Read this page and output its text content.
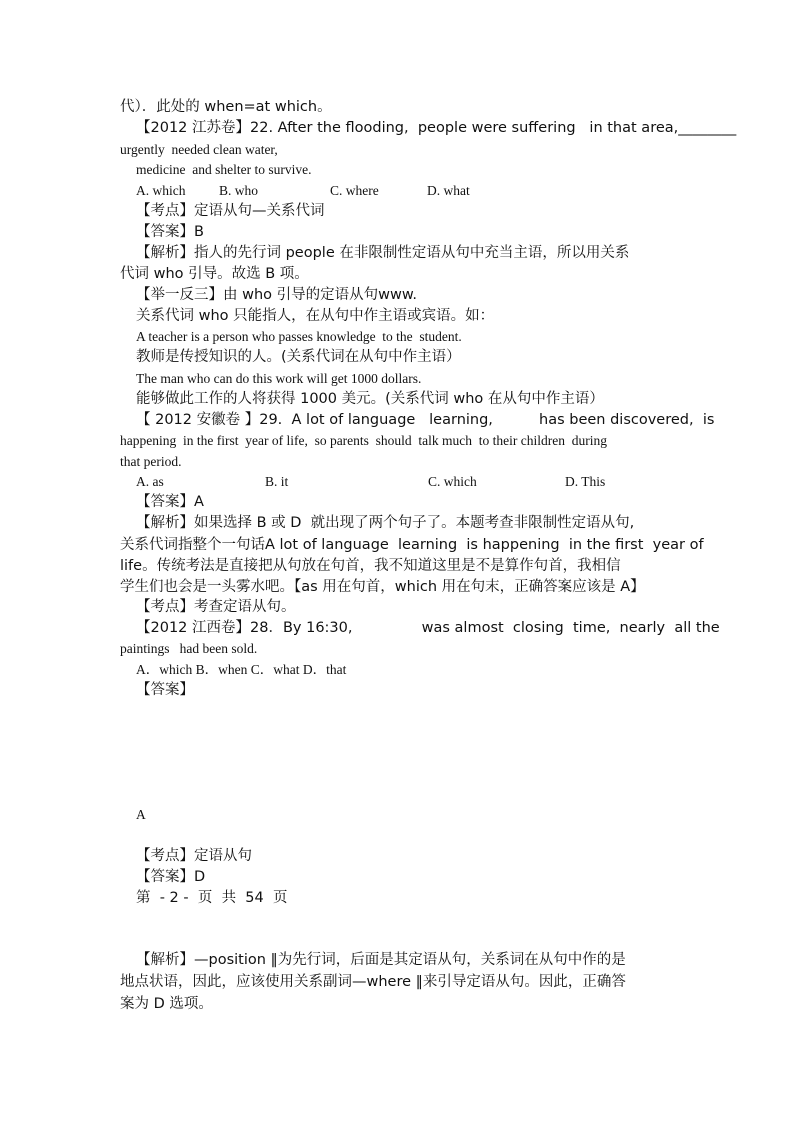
代）．此处的 when=at which。
【2012 江苏卷】22. After the flooding,  people were suffering   in that area,________
urgently  needed clean water,
medicine  and shelter to survive.
A. which B. who	C. where	D. what
【考点】定语从句—关系代词
【答案】B
【解析】指人的先行词 people 在非限制性定语从句中充当主语，所以用关系
代词 who 引导。故选 B 项。
【举一反三】由 who 引导的定语从句www.
关系代词 who 只能指人，在从句中作主语或宾语。如：
A teacher is a person who passes knowledge  to the  student.
教师是传授知识的人。(关系代词在从句中作主语）
The man who can do this work will get 1000 dollars.
能够做此工作的人将获得 1000 美元。(关系代词 who 在从句中作主语）
【 2012 安徽卷 】29.  A lot of language   learning,          has been discovered,  is
happening  in the first  year of life,  so parents  should  talk much  to their children  during
that period.
A. as	B. it	C. which	D. This
【答案】A
【解析】如果选择 B 或 D  就出现了两个句子了。本题考查非限制性定语从句,
关系代词指整个一句话A lot of language  learning  is happening  in the first  year of
life。传统考法是直接把从句放在句首，我不知道这里是不是算作句首，我相信
学生们也会是一头雾水吧。【as 用在句首，which 用在句末，正确答案应该是 A】
【考点】考查定语从句。
【2012 江西卷】28．By 16:30,               was almost  closing  time,  nearly  all the
paintings   had been sold.
A．which B．when C．what D．that
【答案】
A
【考点】定语从句
【答案】D
第  - 2 -  页  共  54  页
【解析】—position ‖为先行词，后面是其定语从句，关系词在从句中作的是
地点状语，因此，应该使用关系副词—where ‖来引导定语从句。因此，正确答
案为 D 选项。
